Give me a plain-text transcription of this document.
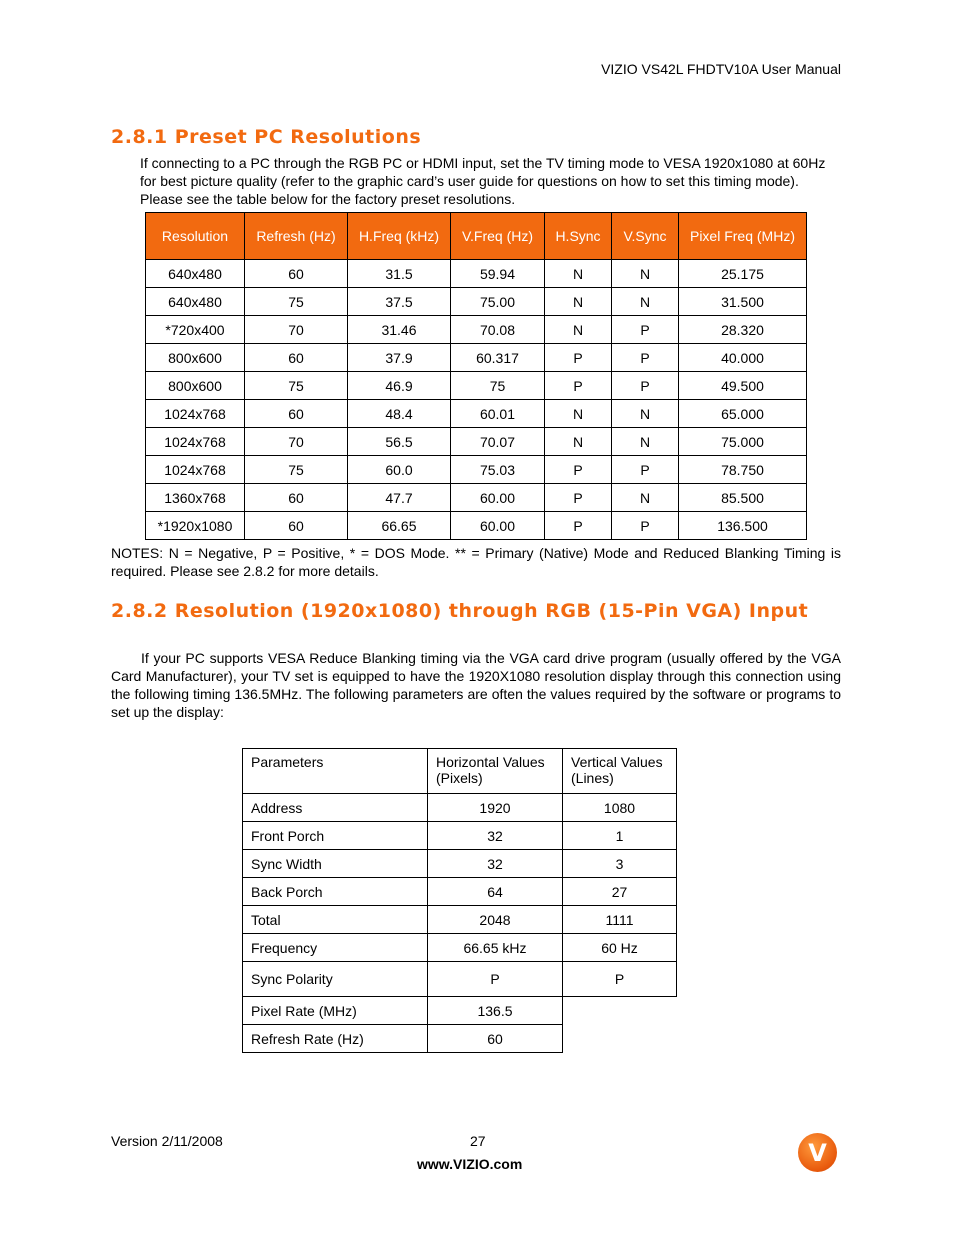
VIZIO VS42L FHDTV10A User Manual
2.8.1 Preset PC Resolutions
If connecting to a PC through the RGB PC or HDMI input, set the TV timing mode to VESA 1920x1080 at 60Hz for best picture quality (refer to the graphic card’s user guide for questions on how to set this timing mode). Please see the table below for the factory preset resolutions.
Resolution	Refresh (Hz)	H.Freq (kHz)	V.Freq (Hz)	H.Sync	V.Sync	Pixel Freq (MHz)
640x480	60	31.5	59.94	N	N	25.175
640x480	75	37.5	75.00	N	N	31.500
*720x400	70	31.46	70.08	N	P	28.320
800x600	60	37.9	60.317	P	P	40.000
800x600	75	46.9	75	P	P	49.500
1024x768	60	48.4	60.01	N	N	65.000
1024x768	70	56.5	70.07	N	N	75.000
1024x768	75	60.0	75.03	P	P	78.750
1360x768	60	47.7	60.00	P	N	85.500
*1920x1080	60	66.65	60.00	P	P	136.500
NOTES: N = Negative, P = Positive, * = DOS Mode. ** = Primary (Native) Mode and Reduced Blanking Timing is required. Please see 2.8.2 for more details.
2.8.2 Resolution (1920x1080) through RGB (15-Pin VGA) Input
If your PC supports VESA Reduce Blanking timing via the VGA card drive program (usually offered by the VGA Card Manufacturer), your TV set is equipped to have the 1920X1080 resolution display through this connection using the following timing 136.5MHz. The following parameters are often the values required by the software or programs to set up the display:
Parameters	Horizontal Values (Pixels)	Vertical Values (Lines)
Address	1920	1080
Front Porch	32	1
Sync Width	32	3
Back Porch	64	27
Total	2048	1111
Frequency	66.65 kHz	60 Hz
Sync Polarity	P	P
Pixel Rate (MHz)	136.5	
Refresh Rate (Hz)	60	
Version 2/11/2008	27
www.VIZIO.com	V
